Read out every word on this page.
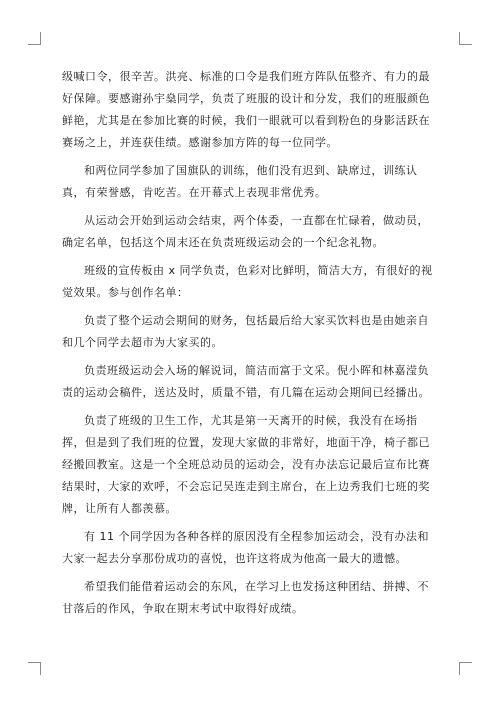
级喊口令，很辛苦。洪亮、标准的口令是我们班方阵队伍整齐、有力的最好保障。要感谢孙宇燊同学，负责了班服的设计和分发，我们的班服颜色鲜艳，尤其是在参加比赛的时候，我们一眼就可以看到粉色的身影活跃在赛场之上，并连获佳绩。感谢参加方阵的每一位同学。

和两位同学参加了国旗队的训练，他们没有迟到、缺席过，训练认真，有荣誉感，肯吃苦。在开幕式上表现非常优秀。

从运动会开始到运动会结束，两个体委，一直都在忙碌着，做动员，确定名单，包括这个周末还在负责班级运动会的一个纪念礼物。

班级的宣传板由 x 同学负责，色彩对比鲜明，简洁大方，有很好的视觉效果。参与创作名单：

负责了整个运动会期间的财务，包括最后给大家买饮料也是由她亲自和几个同学去超市为大家买的。

负责班级运动会入场的解说词，简洁而富于文采。倪小晖和林嘉滢负责的运动会稿件，送达及时，质量不错，有几篇在运动会期间已经播出。

负责了班级的卫生工作，尤其是第一天离开的时候，我没有在场指挥，但是到了我们班的位置，发现大家做的非常好，地面干净，椅子都已经搬回教室。这是一个全班总动员的运动会，没有办法忘记最后宣布比赛结果时，大家的欢呼，不会忘记吴连走到主席台，在上边秀我们七班的奖牌，让所有人都羡慕。

有 11 个同学因为各种各样的原因没有全程参加运动会，没有办法和大家一起去分享那份成功的喜悦，也许这将成为他高一最大的遗憾。

希望我们能借着运动会的东风，在学习上也发扬这种团结、拼搏、不甘落后的作风，争取在期末考试中取得好成绩。
